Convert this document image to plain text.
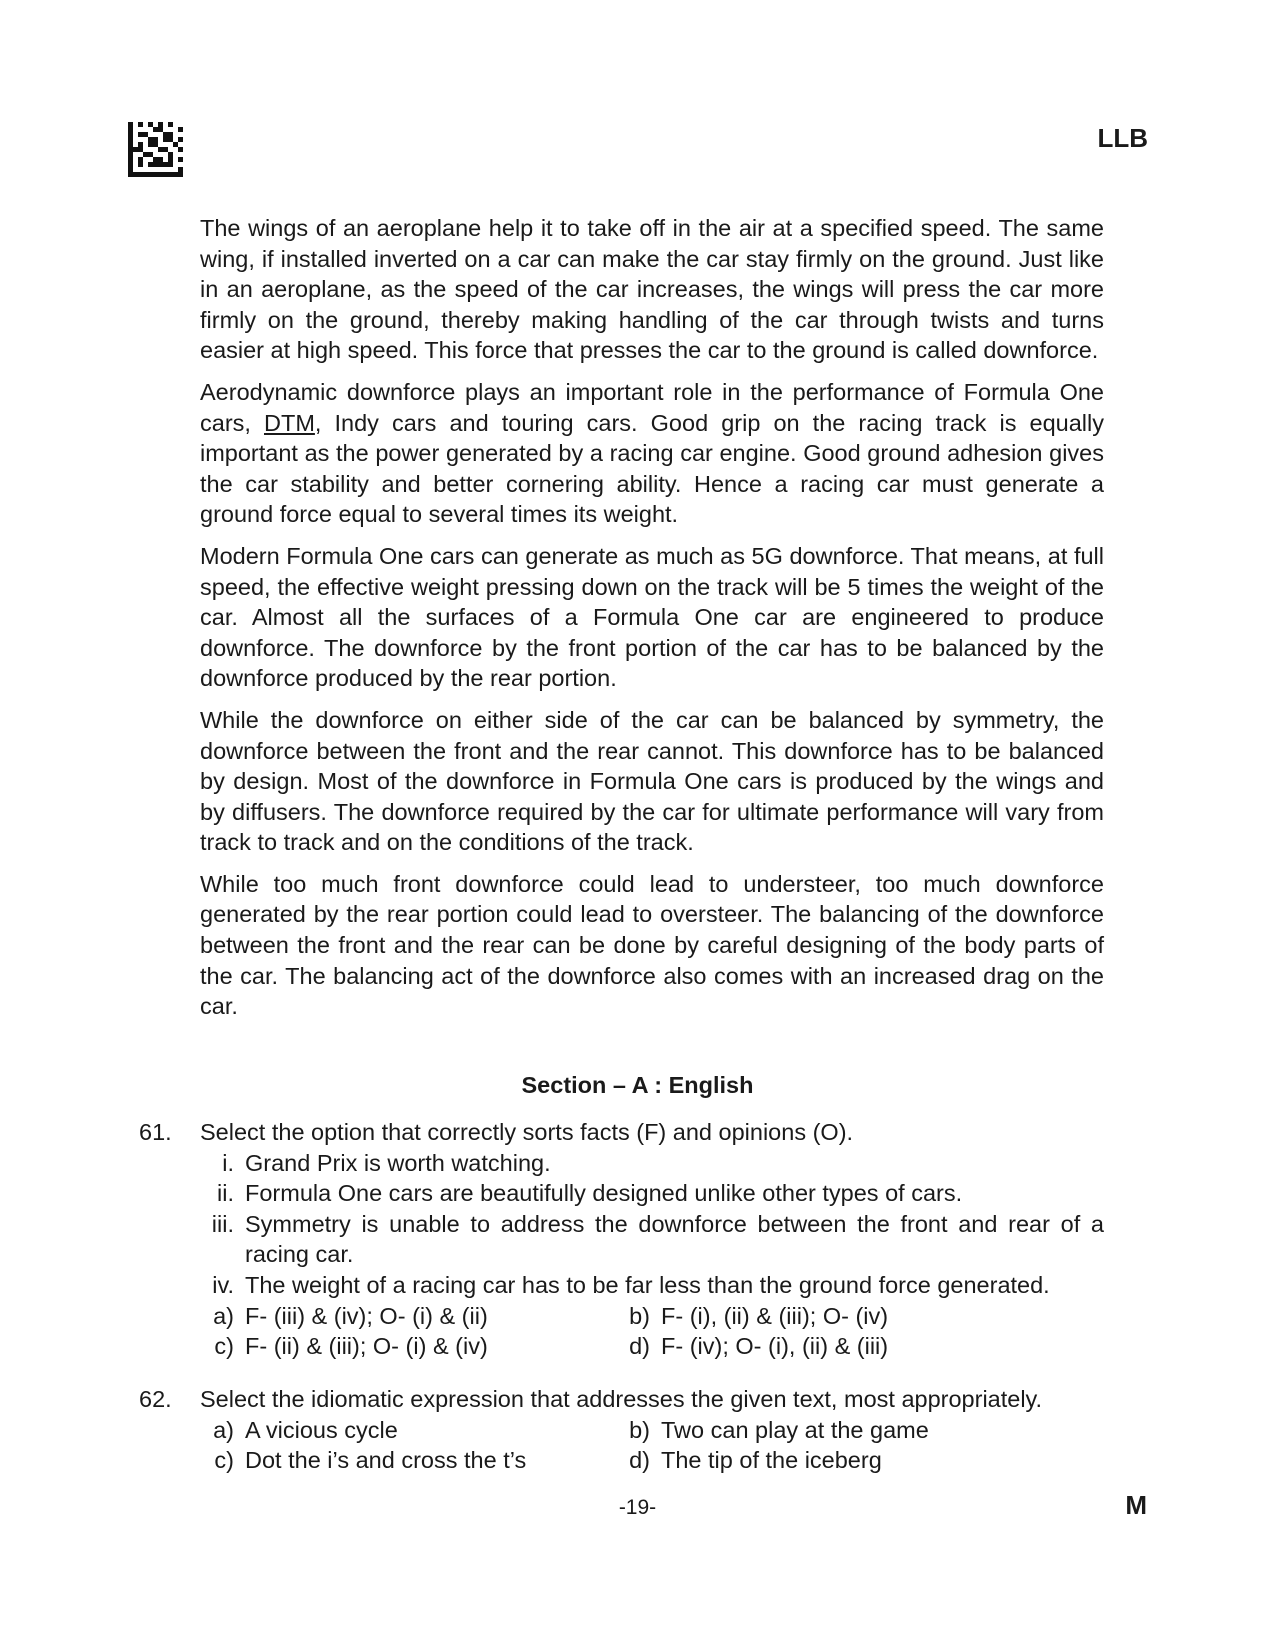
LLB

The wings of an aeroplane help it to take off in the air at a specified speed. The same wing, if installed inverted on a car can make the car stay firmly on the ground. Just like in an aeroplane, as the speed of the car increases, the wings will press the car more firmly on the ground, thereby making handling of the car through twists and turns easier at high speed. This force that presses the car to the ground is called downforce.

Aerodynamic downforce plays an important role in the performance of Formula One cars, DTM, Indy cars and touring cars. Good grip on the racing track is equally important as the power generated by a racing car engine. Good ground adhesion gives the car stability and better cornering ability. Hence a racing car must generate a ground force equal to several times its weight.

Modern Formula One cars can generate as much as 5G downforce. That means, at full speed, the effective weight pressing down on the track will be 5 times the weight of the car. Almost all the surfaces of a Formula One car are engineered to produce downforce. The downforce by the front portion of the car has to be balanced by the downforce produced by the rear portion.

While the downforce on either side of the car can be balanced by symmetry, the downforce between the front and the rear cannot. This downforce has to be balanced by design. Most of the downforce in Formula One cars is produced by the wings and by diffusers. The downforce required by the car for ultimate performance will vary from track to track and on the conditions of the track.

While too much front downforce could lead to understeer, too much downforce generated by the rear portion could lead to oversteer. The balancing of the downforce between the front and the rear can be done by careful designing of the body parts of the car. The balancing act of the downforce also comes with an increased drag on the car.

Section – A : English
61. Select the option that correctly sorts facts (F) and opinions (O).
i. Grand Prix is worth watching.
ii. Formula One cars are beautifully designed unlike other types of cars.
iii. Symmetry is unable to address the downforce between the front and rear of a racing car.
iv. The weight of a racing car has to be far less than the ground force generated.
a) F- (iii) & (iv); O- (i) & (ii)	b) F- (i), (ii) & (iii); O- (iv)
c) F- (ii) & (iii); O- (i) & (iv)	d) F- (iv); O- (i), (ii) & (iii)
62. Select the idiomatic expression that addresses the given text, most appropriately.
a) A vicious cycle	b) Two can play at the game
c) Dot the i’s and cross the t’s	d) The tip of the iceberg
-19-	M
